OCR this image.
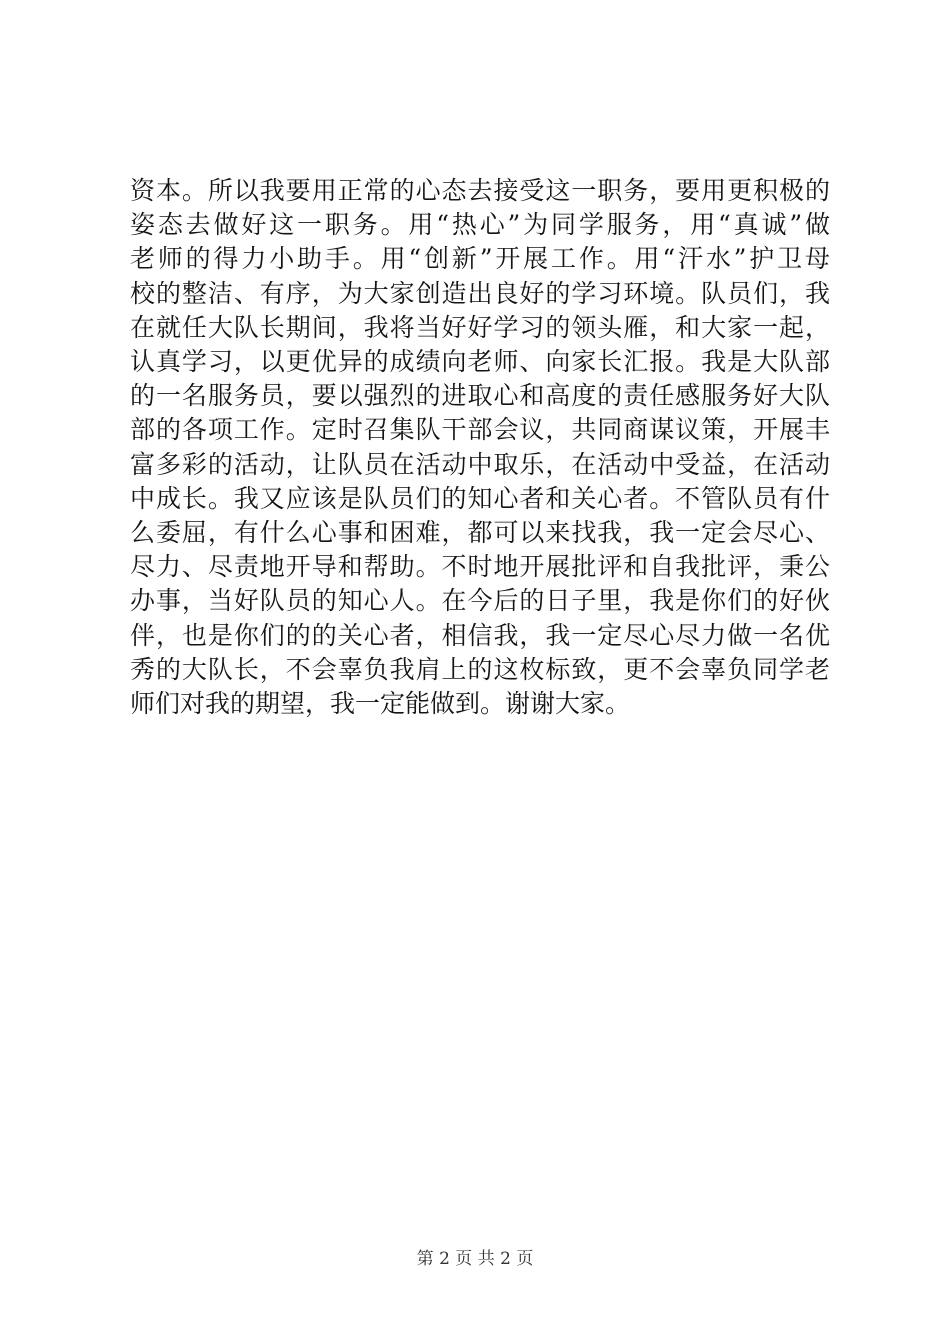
资本。所以我要用正常的心态去接受这一职务，要用更积极的
姿态去做好这一职务。用“热心”为同学服务，用“真诚”做
老师的得力小助手。用“创新”开展工作。用“汗水”护卫母
校的整洁、有序，为大家创造出良好的学习环境。队员们，我
在就任大队长期间，我将当好好学习的领头雁，和大家一起，
认真学习，以更优异的成绩向老师、向家长汇报。我是大队部
的一名服务员，要以强烈的进取心和高度的责任感服务好大队
部的各项工作。定时召集队干部会议，共同商谋议策，开展丰
富多彩的活动，让队员在活动中取乐，在活动中受益，在活动
中成长。我又应该是队员们的知心者和关心者。不管队员有什
么委屈，有什么心事和困难，都可以来找我，我一定会尽心、
尽力、尽责地开导和帮助。不时地开展批评和自我批评，秉公
办事，当好队员的知心人。在今后的日子里，我是你们的好伙
伴，也是你们的的关心者，相信我，我一定尽心尽力做一名优
秀的大队长，不会辜负我肩上的这枚标致，更不会辜负同学老
师们对我的期望，我一定能做到。谢谢大家。
第 2 页 共 2 页
